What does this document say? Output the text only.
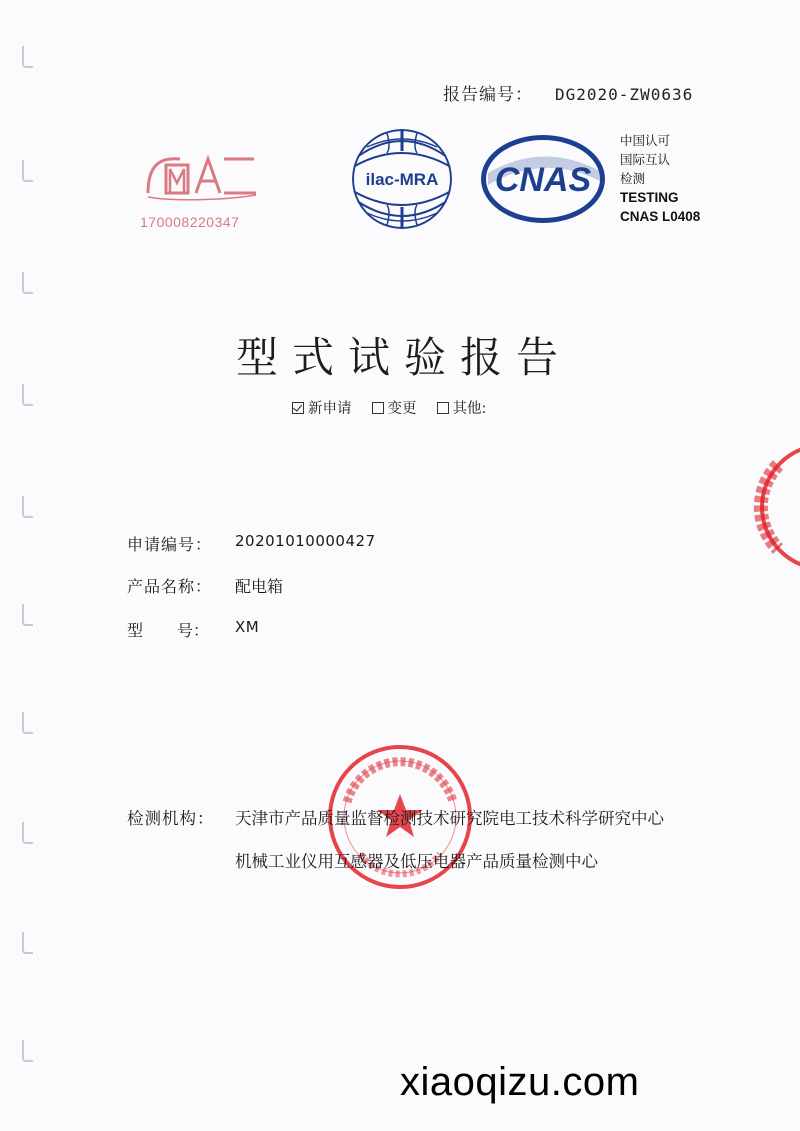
报告编号： DG2020-ZW0636
170008220347
ilac-MRA CNAS
中国认可
国际互认
检测
TESTING
CNAS L0408
型式试验报告
新申请 变更 其他:
申请编号：	20201010000427
产品名称：	配电箱
型 号： XM
检测机构： 天津市产品质量监督检测技术研究院电工技术科学研究中心
机械工业仪用互感器及低压电器产品质量检测中心
xiaoqizu.com
